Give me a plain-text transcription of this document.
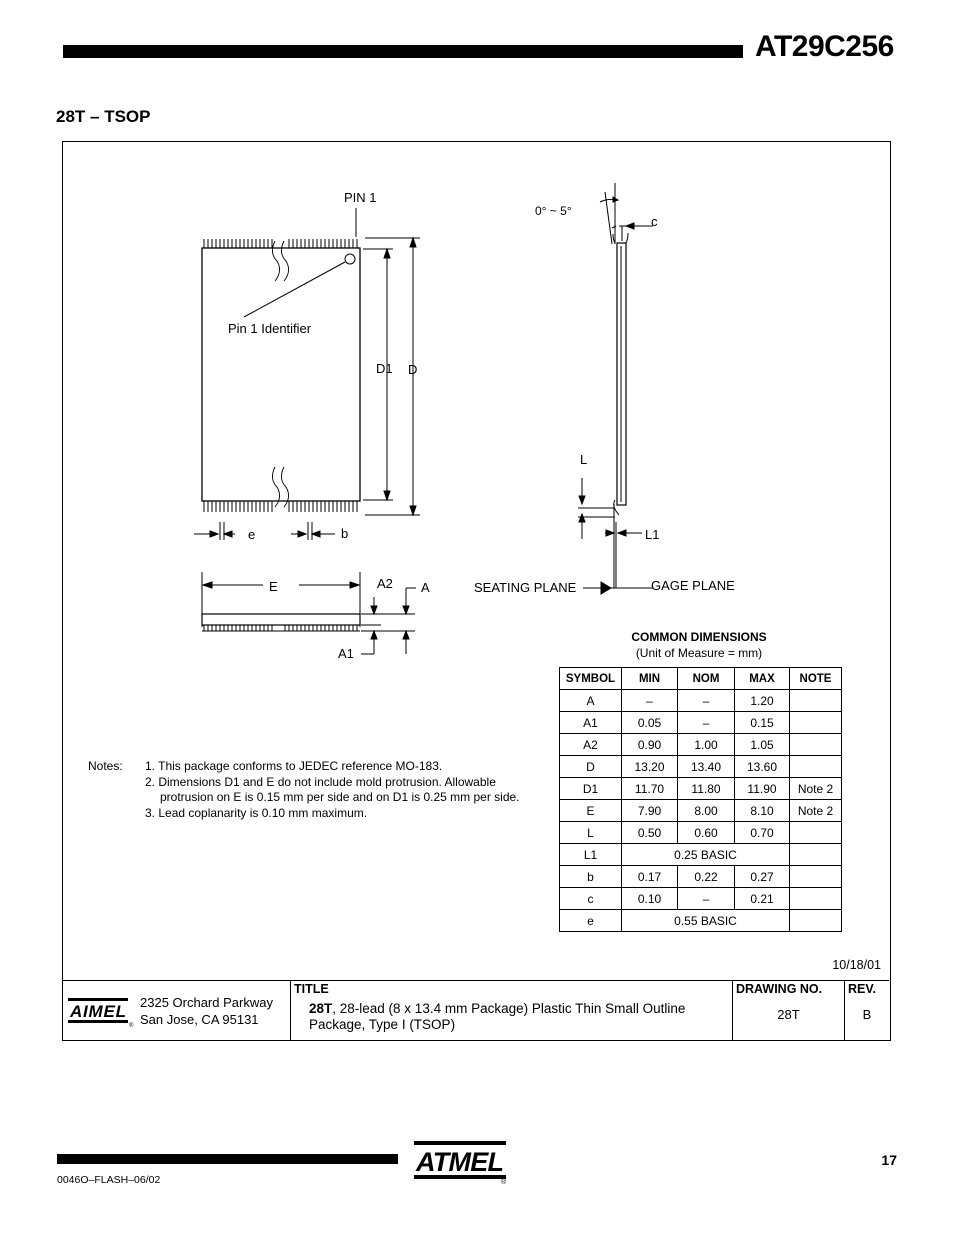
AT29C256
28T – TSOP
PIN 1
Pin 1 Identifier
D1 D
e	b
E	A2 A
A1
0° ~ 5°
c
L
L1
SEATING PLANE	GAGE PLANE
COMMON DIMENSIONS
(Unit of Measure = mm)
SYMBOL	MIN	NOM	MAX	NOTE
A	–	–	1.20	
A1	0.05	–	0.15	
A2	0.90	1.00	1.05	
D	13.20	13.40	13.60	
D1	11.70	11.80	11.90	Note 2
E	7.90	8.00	8.10	Note 2
L	0.50	0.60	0.70	
L1	0.25 BASIC			
b	0.17	0.22	0.27	
c	0.10	–	0.21	
e	0.55 BASIC			
Notes: 1. This package conforms to JEDEC reference MO-183.
2. Dimensions D1 and E do not include mold protrusion. Allowable
protrusion on E is 0.15 mm per side and on D1 is 0.25 mm per side.
3. Lead coplanarity is 0.10 mm maximum.
10/18/01
AIMEL
®
2325 Orchard Parkway
San Jose, CA 95131
TITLE
28T, 28-lead (8 x 13.4 mm Package) Plastic Thin Small Outline Package, Type I (TSOP)
DRAWING NO.
28T
REV.
B
ATMEL
®
0046O–FLASH–06/02
17
